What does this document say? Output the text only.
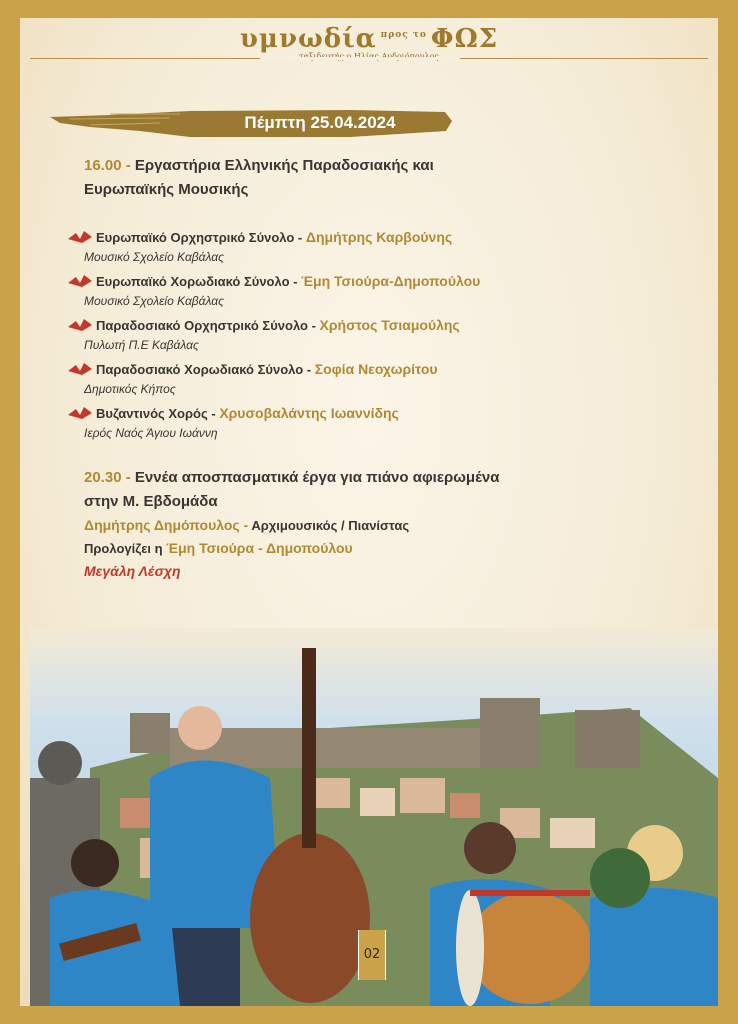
υμνωδία $^{\pi\rho o\varsigma \tau o}$ ΦΩΣ
Πέμπτη 25.04.2024
16.00 - Εργαστήρια Ελληνικής Παραδοσιακής και
Ευρωπαϊκής Μουσικής
Ευρωπαϊκό Ορχηστρικό Σύνολο - Δημήτρης Καρβούνης
Μουσικό Σχολείο Καβάλας
Ευρωπαϊκό Χορωδιακό Σύνολο - Έμη Τσιούρα-Δημοπούλου
Μουσικό Σχολείο Καβάλας
Παραδοσιακό Ορχηστρικό Σύνολο - Χρήστος Τσιαμούλης
Πυλωτή Π.Ε Καβάλας
Παραδοσιακό Χορωδιακό Σύνολο - Σοφία Νεοχωρίτου
Δημοτικός Κήπος
Βυζαντινός Χορός - Χρυσοβαλάντης Ιωαννίδης
Ιερός Ναός Άγιου Ιωάννη
20.30 - Εννέα αποσπασματικά έργα για πιάνο αφιερωμένα
στην Μ. Εβδομάδα
Δημήτρης Δημόπουλος - Αρχιμουσικός / Πιανίστας
Προλογίζει η Έμη Τσιούρα - Δημοπούλου
Μεγάλη Λέσχη
02
